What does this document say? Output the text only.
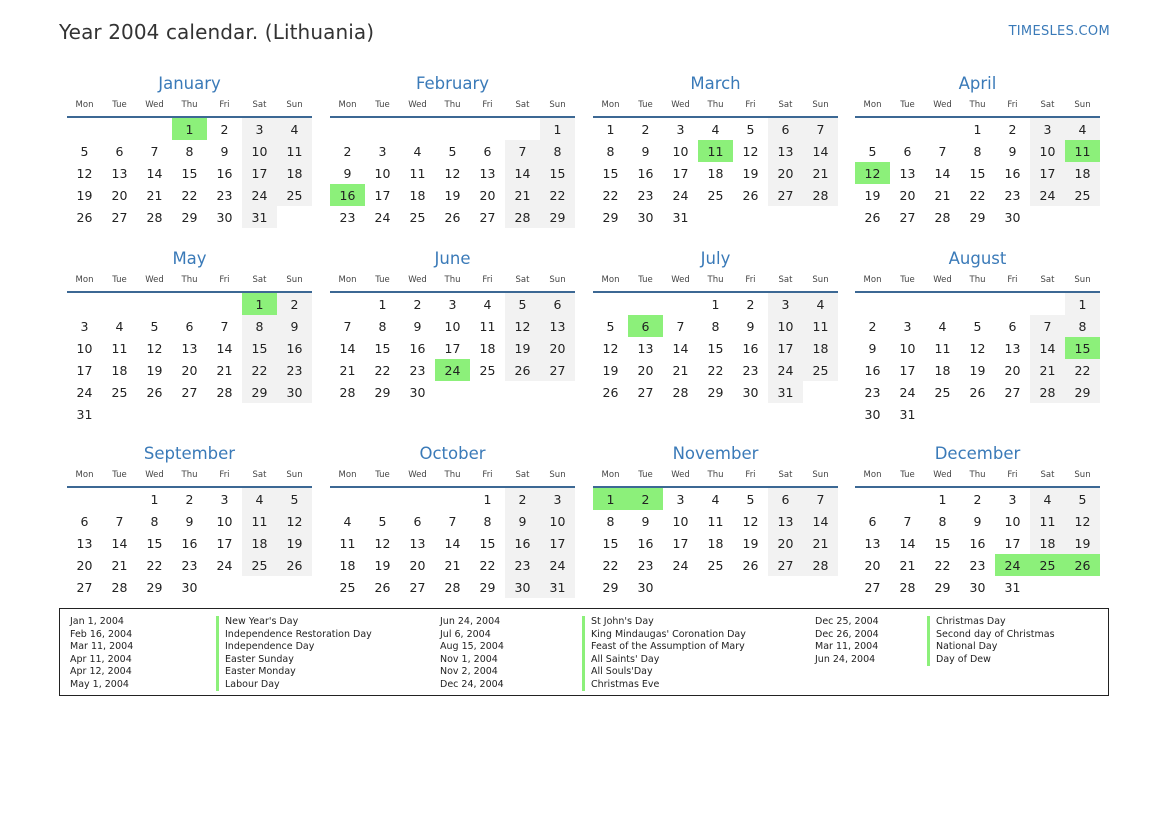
Year 2004 calendar. (Lithuania)	TIMESLES.COM
January
Mon	Tue	Wed	Thu	Fri	Sat	Sun
			1	2	3	4
5	6	7	8	9	10	11
12	13	14	15	16	17	18
19	20	21	22	23	24	25
26	27	28	29	30	31	
February
Mon	Tue	Wed	Thu	Fri	Sat	Sun
						1
2	3	4	5	6	7	8
9	10	11	12	13	14	15
16	17	18	19	20	21	22
23	24	25	26	27	28	29
March
Mon	Tue	Wed	Thu	Fri	Sat	Sun
1	2	3	4	5	6	7
8	9	10	11	12	13	14
15	16	17	18	19	20	21
22	23	24	25	26	27	28
29	30	31				
April
Mon	Tue	Wed	Thu	Fri	Sat	Sun
			1	2	3	4
5	6	7	8	9	10	11
12	13	14	15	16	17	18
19	20	21	22	23	24	25
26	27	28	29	30		
May
Mon	Tue	Wed	Thu	Fri	Sat	Sun
					1	2
3	4	5	6	7	8	9
10	11	12	13	14	15	16
17	18	19	20	21	22	23
24	25	26	27	28	29	30
31						
June
Mon	Tue	Wed	Thu	Fri	Sat	Sun
	1	2	3	4	5	6
7	8	9	10	11	12	13
14	15	16	17	18	19	20
21	22	23	24	25	26	27
28	29	30				
July
Mon	Tue	Wed	Thu	Fri	Sat	Sun
			1	2	3	4
5	6	7	8	9	10	11
12	13	14	15	16	17	18
19	20	21	22	23	24	25
26	27	28	29	30	31	
August
Mon	Tue	Wed	Thu	Fri	Sat	Sun
						1
2	3	4	5	6	7	8
9	10	11	12	13	14	15
16	17	18	19	20	21	22
23	24	25	26	27	28	29
30	31					
September
Mon	Tue	Wed	Thu	Fri	Sat	Sun
		1	2	3	4	5
6	7	8	9	10	11	12
13	14	15	16	17	18	19
20	21	22	23	24	25	26
27	28	29	30			
October
Mon	Tue	Wed	Thu	Fri	Sat	Sun
				1	2	3
4	5	6	7	8	9	10
11	12	13	14	15	16	17
18	19	20	21	22	23	24
25	26	27	28	29	30	31
November
Mon	Tue	Wed	Thu	Fri	Sat	Sun
1	2	3	4	5	6	7
8	9	10	11	12	13	14
15	16	17	18	19	20	21
22	23	24	25	26	27	28
29	30					
December
Mon	Tue	Wed	Thu	Fri	Sat	Sun
		1	2	3	4	5
6	7	8	9	10	11	12
13	14	15	16	17	18	19
20	21	22	23	24	25	26
27	28	29	30	31		
Jan 1, 2004	New Year's Day
Feb 16, 2004	Independence Restoration Day
Mar 11, 2004	Independence Day
Apr 11, 2004	Easter Sunday
Apr 12, 2004	Easter Monday
May 1, 2004	Labour Day
Jun 24, 2004	St John's Day
Jul 6, 2004	King Mindaugas' Coronation Day
Aug 15, 2004	Feast of the Assumption of Mary
Nov 1, 2004	All Saints' Day
Nov 2, 2004	All Souls'Day
Dec 24, 2004	Christmas Eve
Dec 25, 2004	Christmas Day
Dec 26, 2004	Second day of Christmas
Mar 11, 2004	National Day
Jun 24, 2004	Day of Dew
